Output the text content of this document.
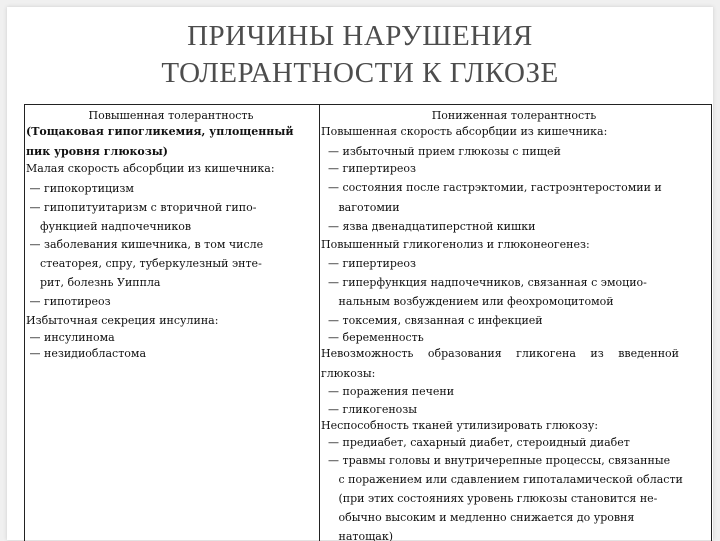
ПРИЧИНЫ НАРУШЕНИЯ
ТОЛЕРАНТНОСТИ К ГЛКОЗЕ
Повышенная толерантность
(Тощаковая гипогликемия, уплощенный
пик уровня глюкозы)
Малая скорость абсорбции из кишечника:
— гипокортицизм
— гипопитуитаризм с вторичной гипо-
функцией надпочечников
— заболевания кишечника, в том числе
стеаторея, спру, туберкулезный энте-
рит, болезнь Уиппла
— гипотиреоз
Избыточная секреция инсулина:
— инсулинома
— незидиобластома
Пониженная толерантность
Повышенная скорость абсорбции из кишечника:
— избыточный прием глюкозы с пищей
— гипертиреоз
— состояния после гастрэктомии, гастроэнтеростомии и
ваготомии
— язва двенадцатиперстной кишки
Повышенный гликогенолиз и глюконеогенез:
— гипертиреоз
— гиперфункция надпочечников, связанная с эмоцио-
нальным возбуждением или феохромоцитомой
— токсемия, связанная с инфекцией
— беременность
Невозможность образования гликогена из введенной
глюкозы:
— поражения печени
— гликогенозы
Неспособность тканей утилизировать глюкозу:
— предиабет, сахарный диабет, стероидный диабет
— травмы головы и внутричерепные процессы, связанные
с поражением или сдавлением гипоталамической области
(при этих состояниях уровень глюкозы становится не-
обычно высоким и медленно снижается до уровня
натощак)
